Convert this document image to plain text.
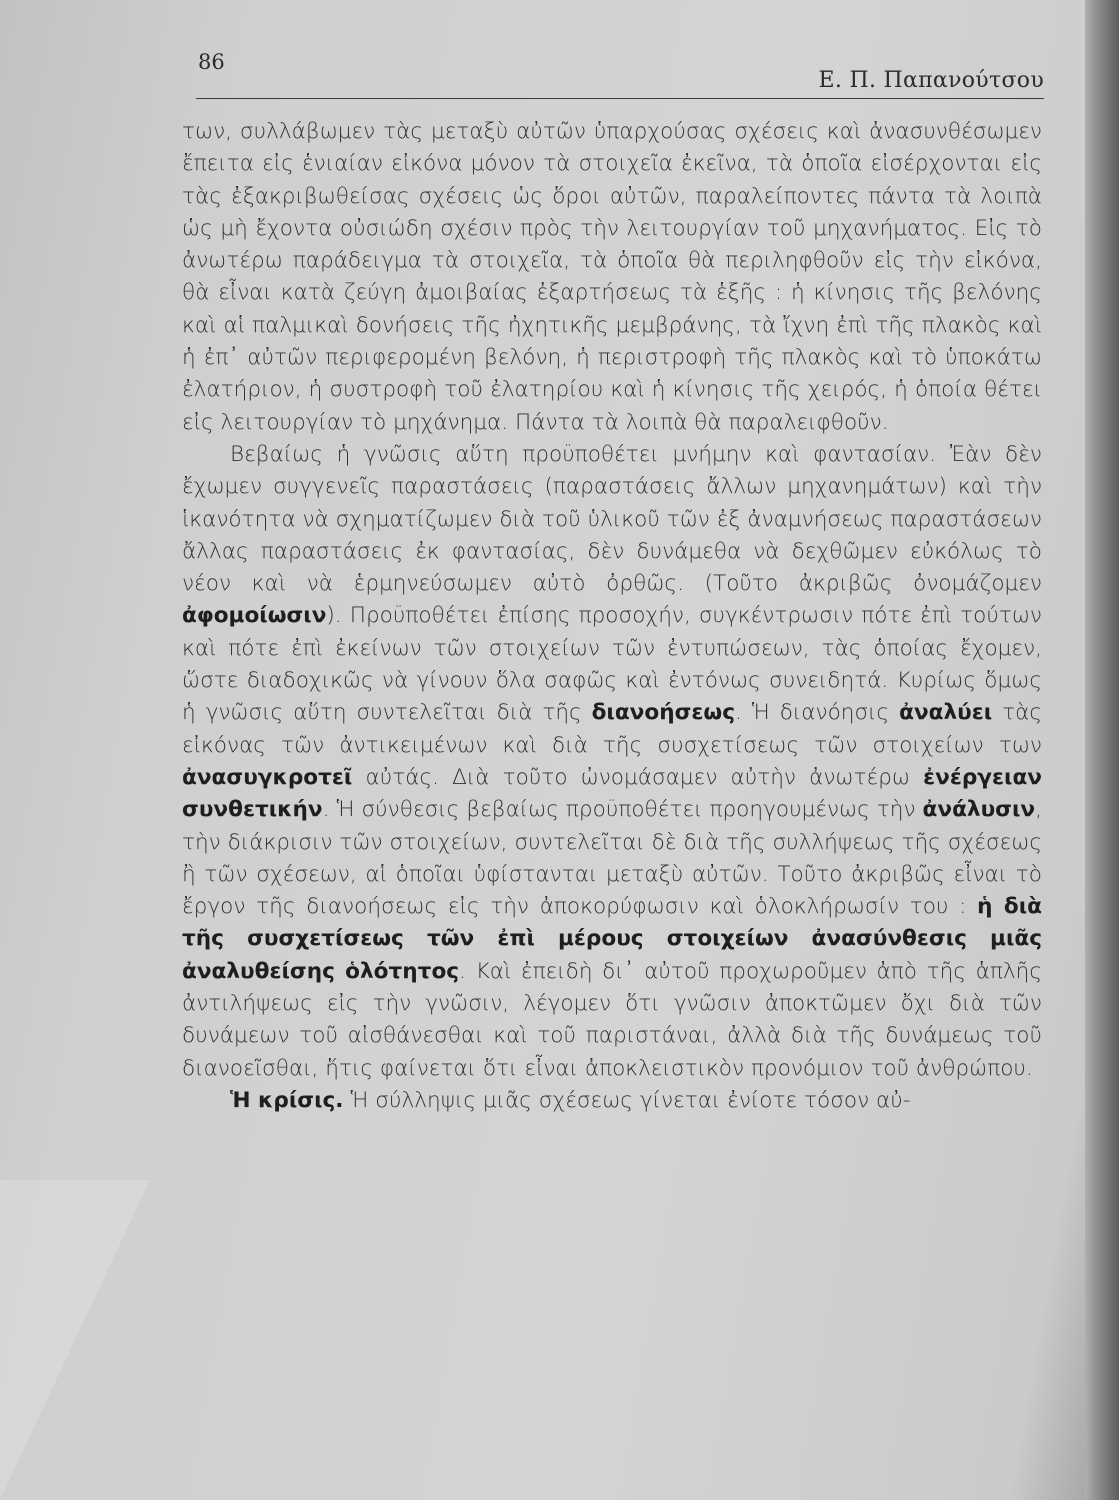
86
Ε. Π. Παπανούτσου

των, συλλάβωμεν τὰς μεταξὺ αὐτῶν ὑπαρχούσας σχέσεις καὶ ἀνασυνθέσωμεν ἔπειτα εἰς ἑνιαίαν εἰκόνα μόνον τὰ στοιχεῖα ἐκεῖνα, τὰ ὁποῖα εἰσέρχονται εἰς τὰς ἐξακριβωθείσας σχέσεις ὡς ὅροι αὐτῶν, παραλείποντες πάντα τὰ λοιπὰ ὡς μὴ ἔχοντα οὐσιώδη σχέσιν πρὸς τὴν λειτουργίαν τοῦ μηχανήματος. Εἰς τὸ ἀνωτέρω παράδειγμα τὰ στοιχεῖα, τὰ ὁποῖα θὰ περιληφθοῦν εἰς τὴν εἰκόνα, θὰ εἶναι κατὰ ζεύγη ἀμοιβαίας ἐξαρτήσεως τὰ ἑξῆς : ἡ κίνησις τῆς βελόνης καὶ αἱ παλμικαὶ δονήσεις τῆς ἠχητικῆς μεμβράνης, τὰ ἴχνη ἐπὶ τῆς πλακὸς καὶ ἡ ἐπ᾽ αὐτῶν περιφερομένη βελόνη, ἡ περιστροφὴ τῆς πλακὸς καὶ τὸ ὑποκάτω ἐλατήριον, ἡ συστροφὴ τοῦ ἐλατηρίου καὶ ἡ κίνησις τῆς χειρός, ἡ ὁποία θέτει εἰς λειτουργίαν τὸ μηχάνημα. Πάντα τὰ λοιπὰ θὰ παραλειφθοῦν.

Βεβαίως ἡ γνῶσις αὕτη προϋποθέτει μνήμην καὶ φαντασίαν. Ἐὰν δὲν ἔχωμεν συγγενεῖς παραστάσεις (παραστάσεις ἄλλων μηχανημάτων) καὶ τὴν ἱκανότητα νὰ σχηματίζωμεν διὰ τοῦ ὑλικοῦ τῶν ἐξ ἀναμνήσεως παραστάσεων ἄλλας παραστάσεις ἐκ φαντασίας, δὲν δυνάμεθα νὰ δεχθῶμεν εὐκόλως τὸ νέον καὶ νὰ ἑρμηνεύσωμεν αὐτὸ ὀρθῶς. (Τοῦτο ἀκριβῶς ὀνομάζομεν ἀφομοίωσιν). Προϋποθέτει ἐπίσης προσοχήν, συγκέντρωσιν πότε ἐπὶ τούτων καὶ πότε ἐπὶ ἐκείνων τῶν στοιχείων τῶν ἐντυπώσεων, τὰς ὁποίας ἔχομεν, ὥστε διαδοχικῶς νὰ γίνουν ὅλα σαφῶς καὶ ἐντόνως συνειδητά. Κυρίως ὅμως ἡ γνῶσις αὕτη συντελεῖται διὰ τῆς διανοήσεως. Ἡ διανόησις ἀναλύει τὰς εἰκόνας τῶν ἀντικειμένων καὶ διὰ τῆς συσχετίσεως τῶν στοιχείων των ἀνασυγκροτεῖ αὐτάς. Διὰ τοῦτο ὠνομάσαμεν αὐτὴν ἀνωτέρω ἐνέργειαν συνθετικήν. Ἡ σύνθεσις βεβαίως προϋποθέτει προηγουμένως τὴν ἀνάλυσιν, τὴν διάκρισιν τῶν στοιχείων, συντελεῖται δὲ διὰ τῆς συλλήψεως τῆς σχέσεως ἢ τῶν σχέσεων, αἱ ὁποῖαι ὑφίστανται μεταξὺ αὐτῶν. Τοῦτο ἀκριβῶς εἶναι τὸ ἔργον τῆς διανοήσεως εἰς τὴν ἀποκορύφωσιν καὶ ὁλοκλήρωσίν του : ἡ διὰ τῆς συσχετίσεως τῶν ἐπὶ μέρους στοιχείων ἀνασύνθεσις μιᾶς ἀναλυθείσης ὁλότητος. Καὶ ἐπειδὴ δι᾽ αὐτοῦ προχωροῦμεν ἀπὸ τῆς ἁπλῆς ἀντιλήψεως εἰς τὴν γνῶσιν, λέγομεν ὅτι γνῶσιν ἀποκτῶμεν ὄχι διὰ τῶν δυνάμεων τοῦ αἰσθάνεσθαι καὶ τοῦ παριστάναι, ἀλλὰ διὰ τῆς δυνάμεως τοῦ διανοεῖσθαι, ἥτις φαίνεται ὅτι εἶναι ἀποκλειστικὸν προνόμιον τοῦ ἀνθρώπου.

Ἡ κρίσις. Ἡ σύλληψις μιᾶς σχέσεως γίνεται ἐνίοτε τόσον αὐ-
